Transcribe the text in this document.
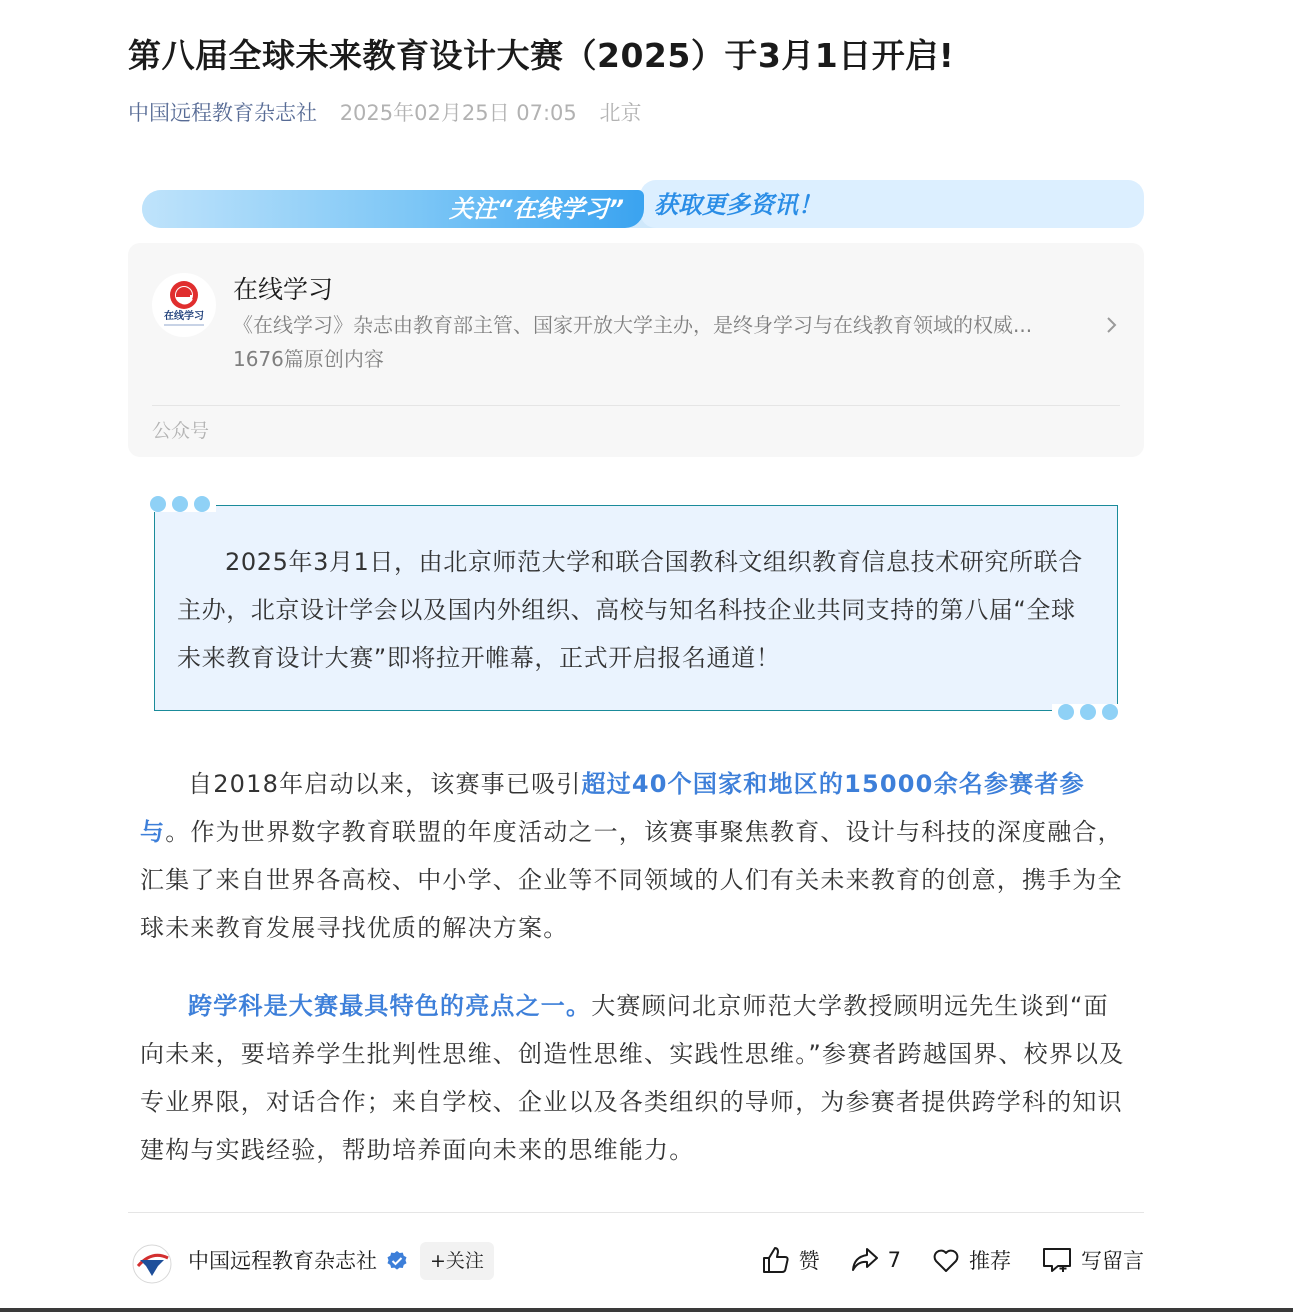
第八届全球未来教育设计大赛（2025）于3月1日开启!
中国远程教育杂志社 2025年02月25日 07:05 北京
获取更多资讯！
关注“在线学习”
在线学习
在线学习
《在线学习》杂志由教育部主管、国家开放大学主办，是终身学习与在线教育领域的权威...
1676篇原创内容
公众号

2025年3月1日，由北京师范大学和联合国教科文组织教育信息技术研究所联合主办，北京设计学会以及国内外组织、高校与知名科技企业共同支持的第八届“全球未来教育设计大赛”即将拉开帷幕，正式开启报名通道！

自2018年启动以来，该赛事已吸引超过40个国家和地区的15000余名参赛者参与。作为世界数字教育联盟的年度活动之一，该赛事聚焦教育、设计与科技的深度融合，汇集了来自世界各高校、中小学、企业等不同领域的人们有关未来教育的创意，携手为全球未来教育发展寻找优质的解决方案。

跨学科是大赛最具特色的亮点之一。大赛顾问北京师范大学教授顾明远先生谈到“面向未来，要培养学生批判性思维、创造性思维、实践性思维。”参赛者跨越国界、校界以及专业界限，对话合作；来自学校、企业以及各类组织的导师，为参赛者提供跨学科的知识建构与实践经验，帮助培养面向未来的思维能力。

中国远程教育杂志社	+关注	赞	7	推荐	写留言
